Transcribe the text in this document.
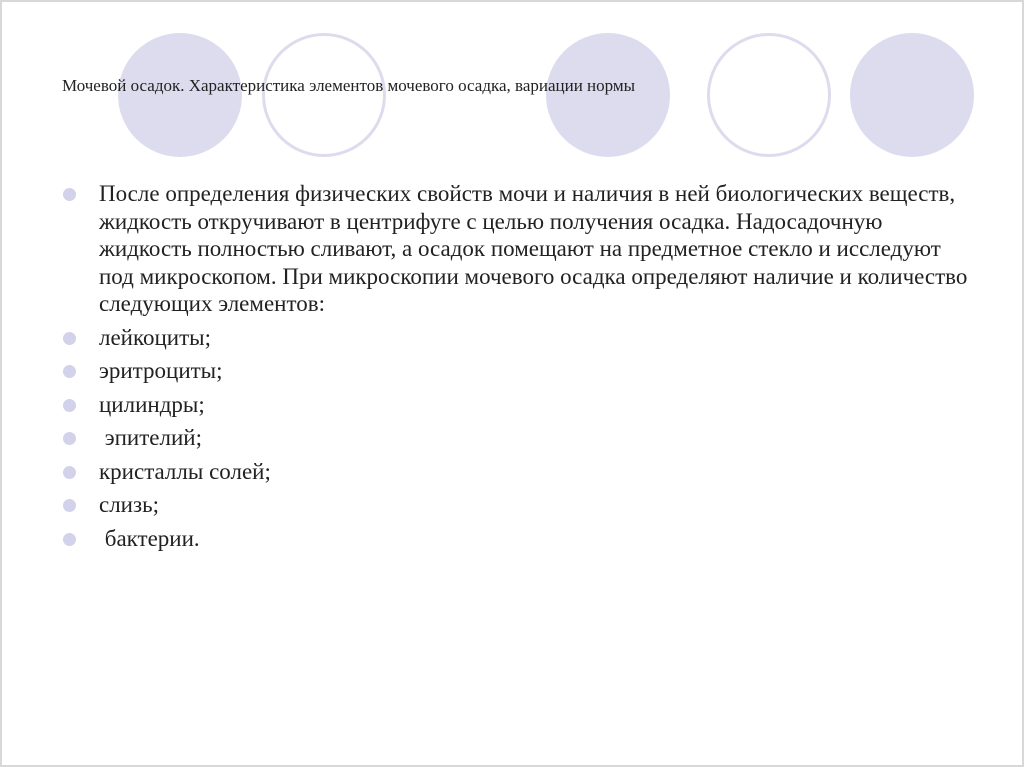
Мочевой осадок. Характеристика элементов мочевого осадка, вариации нормы
После определения физических свойств мочи и наличия в ней биологических веществ, жидкость откручивают в центрифуге с целью получения осадка. Надосадочную жидкость полностью сливают, а осадок помещают на предметное стекло и исследуют под микроскопом. При микроскопии мочевого осадка определяют наличие и количество следующих элементов:
лейкоциты;
эритроциты;
цилиндры;
эпителий;
кристаллы солей;
слизь;
бактерии.
